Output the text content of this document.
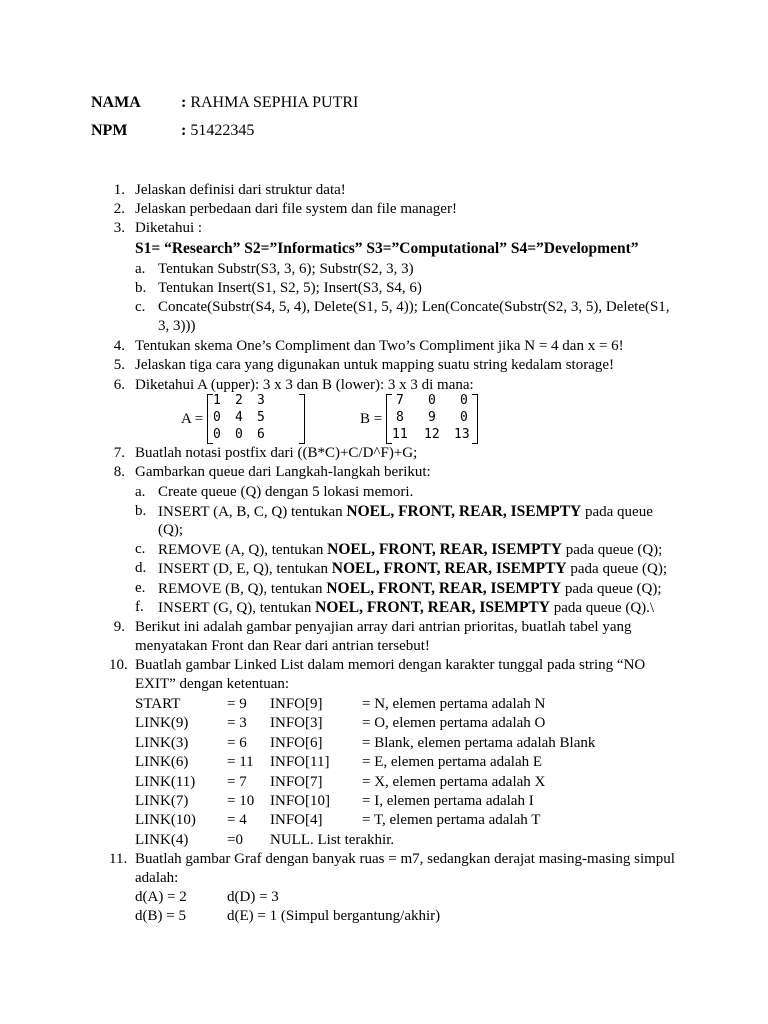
NAMA	: RAHMA SEPHIA PUTRI
NPM	: 51422345
1. Jelaskan definisi dari struktur data!
2. Jelaskan perbedaan dari file system dan file manager!
3. Diketahui :
S1= “Research” S2=”Informatics” S3=”Computational” S4=”Development”
a. Tentukan Substr(S3, 3, 6); Substr(S2, 3, 3)
b. Tentukan Insert(S1, S2, 5); Insert(S3, S4, 6)
c. Concate(Substr(S4, 5, 4), Delete(S1, 5, 4)); Len(Concate(Substr(S2, 3, 5), Delete(S1,
3, 3)))
4. Tentukan skema One’s Compliment dan Two’s Compliment jika N = 4 dan x = 6!
5. Jelaskan tiga cara yang digunakan untuk mapping suatu string kedalam storage!
6. Diketahui A (upper): 3 x 3 dan B (lower): 3 x 3 di mana:
A =
1 2 3
0 4 5
0 0 6
B =
7 0 0
8 9 0
11 12 13
7. Buatlah notasi postfix dari ((B*C)+C/D^F)+G;
8. Gambarkan queue dari Langkah-langkah berikut:
a. Create queue (Q) dengan 5 lokasi memori.
b. INSERT (A, B, C, Q) tentukan NOEL, FRONT, REAR, ISEMPTY pada queue
(Q);
c. REMOVE (A, Q), tentukan NOEL, FRONT, REAR, ISEMPTY pada queue (Q);
d. INSERT (D, E, Q), tentukan NOEL, FRONT, REAR, ISEMPTY pada queue (Q);
e. REMOVE (B, Q), tentukan NOEL, FRONT, REAR, ISEMPTY pada queue (Q);
f. INSERT (G, Q), tentukan NOEL, FRONT, REAR, ISEMPTY pada queue (Q).\
9. Berikut ini adalah gambar penyajian array dari antrian prioritas, buatlah tabel yang
menyatakan Front dan Rear dari antrian tersebut!
10. Buatlah gambar Linked List dalam memori dengan karakter tunggal pada string “NO
EXIT” dengan ketentuan:
START	= 9 INFO[9]	= N, elemen pertama adalah N
LINK(9)	= 3 INFO[3]	= O, elemen pertama adalah O
LINK(3)	= 6 INFO[6]	= Blank, elemen pertama adalah Blank
LINK(6)	= 11 INFO[11] = E, elemen pertama adalah E
LINK(11) = 7 INFO[7]	= X, elemen pertama adalah X
LINK(7)	= 10 INFO[10] = I, elemen pertama adalah I
LINK(10) = 4 INFO[4]	= T, elemen pertama adalah T
LINK(4)	=0 NULL. List terakhir.
11. Buatlah gambar Graf dengan banyak ruas = m7, sedangkan derajat masing-masing simpul
adalah:
d(A) = 2	d(D) = 3
d(B) = 5	d(E) = 1 (Simpul bergantung/akhir)
